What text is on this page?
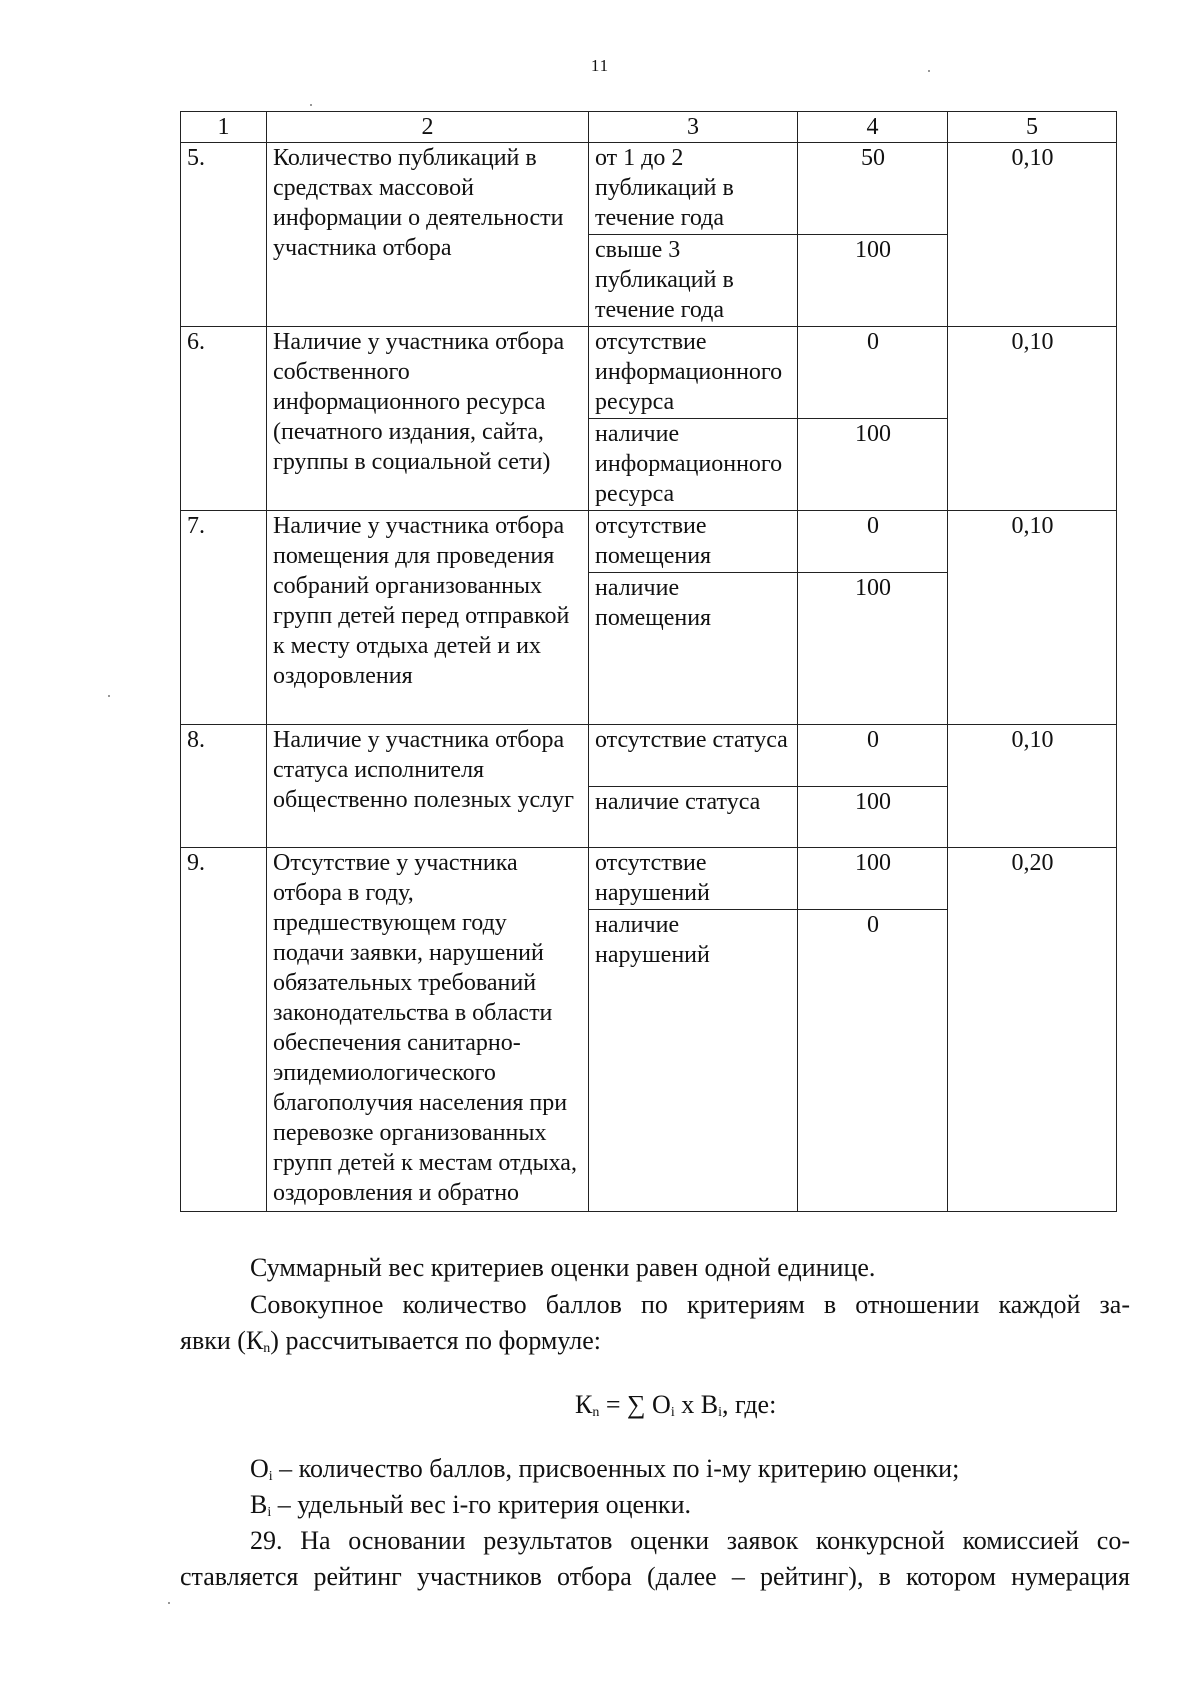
11
1	2	3	4	5
5.	Количество публикаций в средствах массовой информации о деятельности участника отбора	от 1 до 2 публикаций в течение года	50	0,10
		свыше 3 публикаций в течение года	100	
6.	Наличие у участника отбора собственного информационного ресурса (печатного издания, сайта, группы в социальной сети)	отсутствие информационного ресурса	0	0,10
		наличие информационного ресурса	100	
7.	Наличие у участника отбора помещения для проведения собраний организованных групп детей перед отправкой к месту отдыха детей и их оздоровления	отсутствие помещения	0	0,10
		наличие помещения	100	
8.	Наличие у участника отбора статуса исполнителя общественно полезных услуг	отсутствие статуса	0	0,10
		наличие статуса	100	
9.	Отсутствие у участника отбора в году, предшествующем году подачи заявки, нарушений обязательных требований законодательства в области обеспечения санитарно-эпидемиологического благополучия населения при перевозке организованных групп детей к местам отдыха, оздоровления и обратно	отсутствие нарушений	100	0,20
		наличие нарушений	0	
Суммарный вес критериев оценки равен одной единице.
Совокупное количество баллов по критериям в отношении каждой за-
явки $(К_n)$ рассчитывается по формуле:
$К_n$ = ∑ $О_i$ х $В_i$, где:
$О_i$ – количество баллов, присвоенных по i-му критерию оценки;
$В_i$ – удельный вес i-го критерия оценки.
29. На основании результатов оценки заявок конкурсной комиссией со-
ставляется рейтинг участников отбора (далее – рейтинг), в котором нумерация
